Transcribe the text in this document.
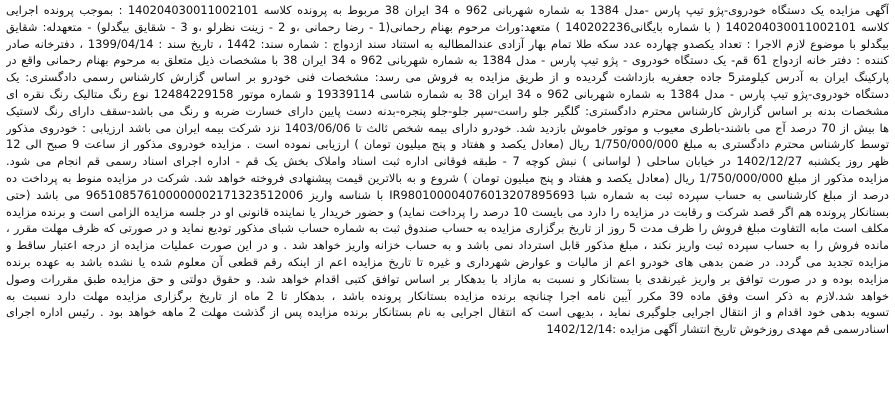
آگهی مزایده یک دستگاه خودروی-پژو تیپ پارس -مدل 1384 به شماره شهربانی 962 ه 34 ایران 38 مربوط به پرونده کلاسه 140204030011002101 : بموجب پرونده اجرایی
کلاسه 140204030011002101 ( با شماره بایگانی140202236 ) متعهد:وراث مرحوم بهنام رحمانی(1 - رضا رحمانی ،و 2 - زینت نظرلو ،و 3 - شقایق بیگدلو) - متعهدله: شقایق
بیگدلو با موضوع لازم الاجرا : تعداد یکصدو چهارده عدد سکه طلا تمام بهار آزادی عندالمطالبه به استناد سند ازدواج : شماره سند: 1442 ، تاریخ سند : 1399/04/14 ، دفترخانه صادر
کننده : دفتر خانه ازدواج 61 قم- یک دستگاه خودروی - پژو تیپ پارس - مدل 1384 به شماره شهربانی 962 ه 34 ایران 38 با مشخصات ذیل متعلق به مرحوم بهنام رحمانی واقع در
پارکینگ ایران به آدرس کیلومتر5 جاده جعفریه بازداشت گردیده و از طریق مزایده به فروش می رسد: مشخصات فنی خودرو بر اساس گزارش کارشناس رسمی دادگستری: یک
دستگاه خودروی-پژو تیپ پارس - مدل 1384 به شماره شهربانی 962 ه 34 ایران 38 به شماره شاسی 19339114 و شماره موتور 12484229158 نوع رنگ متالیک رنگ نقره ای
مشخصات بدنه بر اساس گزارش کارشناس محترم دادگستری: گلگیر جلو راست-سپر جلو-جلو پنجره-بدنه دست پایین دارای خسارت ضربه و رنگ می باشد-سقف دارای رنگ لاستیک
ها بیش از 70 درصد آج می باشند-باطری معیوب و موتور خاموش بازدید شد. خودرو دارای بیمه شخص ثالث تا 1403/06/06 نزد شرکت بیمه ایران می باشد ارزیابی : خودروی مذکور
توسط کارشناس محترم دادگستری به مبلغ 1/750/000/000 ریال (معادل یکصد و هفتاد و پنج میلیون تومان ) ارزیابی نموده است . مزایده خودروی مذکور از ساعت 9 صبح الی 12
ظهر روز یکشنبه 1402/12/27 در خیابان ساحلی ( لواسانی ) نبش کوچه 7 - طبقه فوقانی اداره ثبت اسناد واملاک بخش یک قم - اداره اجرای اسناد رسمی قم انجام می شود.
مزایده مذکور از مبلغ 1/750/000/000 ریال (معادل یکصد و هفتاد و پنج میلیون تومان ) شروع و به بالاترین قیمت پیشنهادی فروخته خواهد شد. شرکت در مزایده منوط به پرداخت ده
درصد از مبلغ کارشناسی به حساب سپرده ثبت به شماره شبا IR980100004076013207895693 با شناسه واریز 965108576100000002171323512006 می باشد (حتی
بستانکار پرونده هم اگر قصد شرکت و رقابت در مزایده را دارد می بایست 10 درصد را پرداخت نماید) و حضور خریدار یا نماینده قانونی او در جلسه مزایده الزامی است و برنده مزایده
مکلف است مابه التفاوت مبلغ فروش را ظرف مدت 5 روز از تاریخ برگزاری مزایده به حساب صندوق ثبت به شماره حساب شبای مذکور تودیع نماید و در صورتی که ظرف مهلت مقرر ،
مانده فروش را به حساب سپرده ثبت واریز نکند ، مبلغ مذکور قابل استرداد نمی باشد و به حساب خزانه واریز خواهد شد . و در این صورت عملیات مزایده از درجه اعتبار ساقط و
مزایده تجدید می گردد. در ضمن بدهی های خودرو اعم از مالیات و عوارض شهرداری و غیره تا تاریخ مزایده اعم از اینکه رقم قطعی آن معلوم شده یا نشده باشد به عهده برنده
مزایده بوده و در صورت توافق بر واریز غیرنقدی با بستانکار و نسبت به مازاد با بدهکار بر اساس توافق کتبی اقدام خواهد شد. و حقوق دولتی و حق مزایده طبق مقررات وصول
خواهد شد.لازم به ذکر است وفق ماده 39 مکرر آیین نامه اجرا چنانچه برنده مزایده بستانکار پرونده باشد ، بدهکار تا 2 ماه از تاریخ برگزاری مزایده مهلت دارد نسبت به
تسویه بدهی خود اقدام و از انتقال اجرایی جلوگیری نماید ، بدیهی است که انتقال اجرایی به نام بستانکار برنده مزایده پس از گذشت مهلت 2 ماهه خواهد بود . رئیس اداره اجرای
اسنادرسمی قم مهدی روزخوش تاریخ انتشار آگهی مزایده :1402/12/14
